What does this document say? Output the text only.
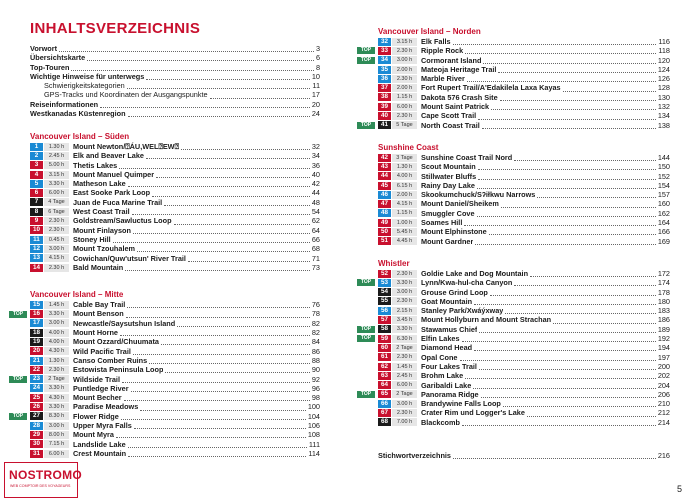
INHALTSVERZEICHNIS
Vorwort	3
Übersichtskarte	6
Top-Touren	8
Wichtige Hinweise für unterwegs	10
Schwierigkeitskategorien	11
GPS-Tracks und Koordinaten der Ausgangspunkte	17
Reiseinformationen	20
Westkanadas Küstenregion	24
Vancouver Island – Süden
1	1.30 h	Mount Newton/⍰ÁU,WEL⍰EW⍰	32
2	2.45 h	Elk and Beaver Lake	34
3	5.00 h	Thetis Lakes	36
4	3.15 h	Mount Manuel Quimper	40
5	3.30 h	Matheson Lake	42
6	6.00 h	East Sooke Park Loop	44
7	4 Tage	Juan de Fuca Marine Trail	48
8	6 Tage	West Coast Trail	54
9	2.30 h	Goldstream/Sawluctus Loop	62
10	2.30 h	Mount Finlayson	64
11	0.45 h	Stoney Hill	66
12	3.00 h	Mount Tzouhalem	68
13	4.15 h	Cowichan/Quw'utsun' River Trail	71
14	2.30 h	Bald Mountain	73
Vancouver Island – Mitte
15	1.45 h	Cable Bay Trail	76
TOP	16	3.30 h	Mount Benson	78
17	3.00 h	Newcastle/Saysutshun Island	82
18	4.00 h	Mount Horne	82
19	4.00 h	Mount Ozzard/Chuumata	84
20	4.30 h	Wild Pacific Trail	86
21	1.30 h	Canso Comber Ruins	88
22	2.30 h	Estowista Peninsula Loop	90
TOP	23	2 Tage	Wildside Trail	92
24	3.30 h	Puntledge River	96
25	4.30 h	Mount Becher	98
26	3.30 h	Paradise Meadows	100
TOP	27	8.30 h	Flower Ridge	104
28	3.00 h	Upper Myra Falls	106
29	8.00 h	Mount Myra	108
30	7.15 h	Landslide Lake	111
31	6.00 h	Crest Mountain	114
Vancouver Island – Norden
32	3.15 h	Elk Falls	116
TOP	33	2.30 h	Ripple Rock	118
TOP	34	3.00 h	Cormorant Island	120
35	2.00 h	Mateoja Heritage Trail	124
36	2.30 h	Marble River	126
37	2.00 h	Fort Rupert Trail/A'Edakilela Laxa Kayas	128
38	1.15 h	Dakota 576 Crash Site	130
39	6.00 h	Mount Saint Patrick	132
40	2.30 h	Cape Scott Trail	134
TOP	41	5 Tage	North Coast Trail	138
Sunshine Coast
42	3 Tage	Sunshine Coast Trail Nord	144
43	1.30 h	Scout Mountain	150
44	4.00 h	Stillwater Bluffs	152
45	6.15 h	Rainy Day Lake	154
46	2.00 h	Skookumchuck/Sʔiłkwu Narrows	157
47	4.15 h	Mount Daniel/Sheikem	160
48	1.15 h	Smuggler Cove	162
49	1.00 h	Soames Hill	164
50	5.45 h	Mount Elphinstone	166
51	4.45 h	Mount Gardner	169
Whistler
52	2.30 h	Goldie Lake and Dog Mountain	172
TOP	53	3.30 h	Lynn/Kwa-hul-cha Canyon	174
54	3.00 h	Grouse Grind Loop	178
55	2.30 h	Goat Mountain	180
56	2.15 h	Stanley Park/Xwáýxway	183
57	3.45 h	Mount Hollyburn and Mount Strachan	186
TOP	58	3.30 h	Stawamus Chief	189
TOP	59	6.30 h	Elfin Lakes	192
60	2 Tage	Diamond Head	194
61	2.30 h	Opal Cone	197
62	1.45 h	Four Lakes Trail	200
63	2.45 h	Brohm Lake	202
64	6.00 h	Garibaldi Lake	204
TOP	65	2 Tage	Panorama Ridge	206
66	3.00 h	Brandywine Falls Loop	210
67	2.30 h	Crater Rim und Logger's Lake	212
68	7.00 h	Blackcomb	214
Stichwortverzeichnis	216
NOSTROMO
WEB COMPTOIR DES VOYAGEURS	5
